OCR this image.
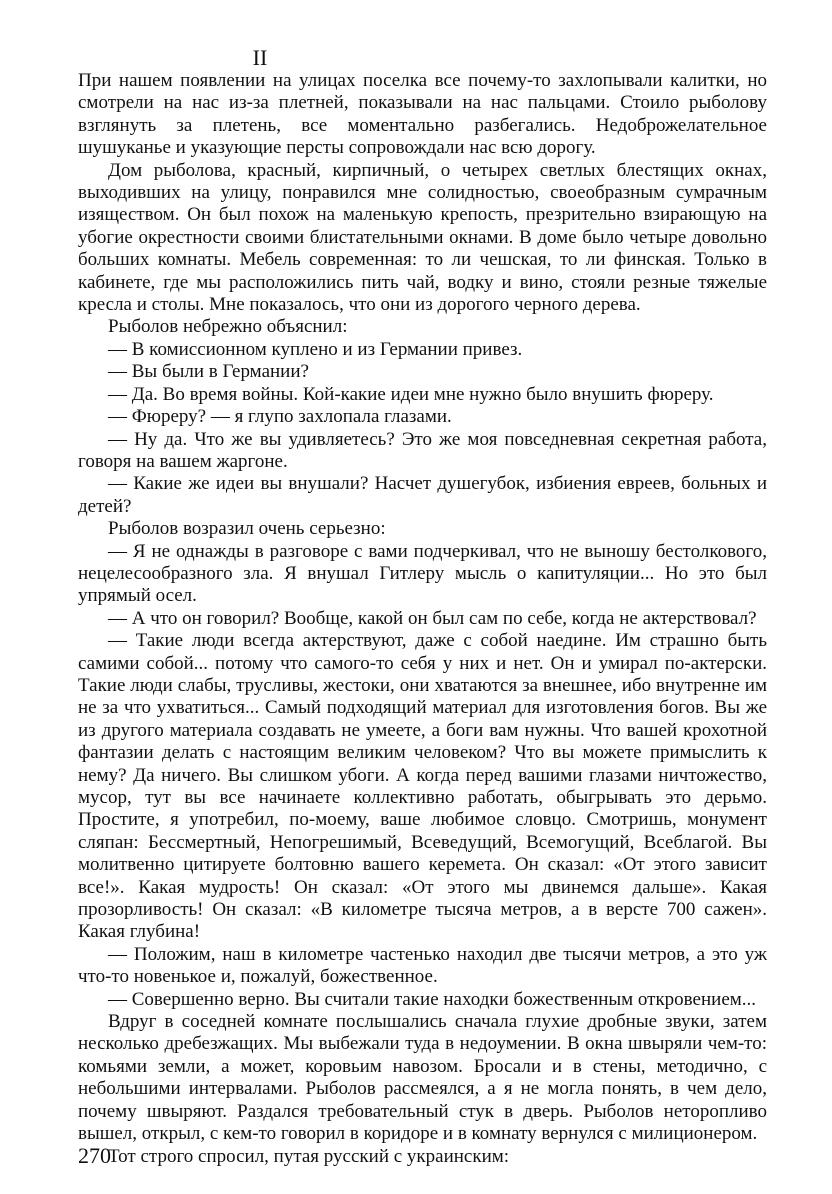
II

При нашем появлении на улицах поселка все почему-то захлопывали калитки, но смотрели на нас из-за плетней, показывали на нас пальцами. Стоило рыболову взглянуть за плетень, все моментально разбегались. Недоброжелательное шушуканье и указующие персты сопровождали нас всю дорогу.

Дом рыболова, красный, кирпичный, о четырех светлых блестящих окнах, выходивших на улицу, понравился мне солидностью, своеобразным сумрачным изяществом. Он был похож на маленькую крепость, презрительно взирающую на убогие окрестности своими блистательными окнами. В доме было четыре довольно больших комнаты. Мебель современная: то ли чешская, то ли финская. Только в кабинете, где мы расположились пить чай, водку и вино, стояли резные тяжелые кресла и столы. Мне показалось, что они из дорогого черного дерева.

Рыболов небрежно объяснил:

— В комиссионном куплено и из Германии привез.

— Вы были в Германии?

— Да. Во время войны. Кой-какие идеи мне нужно было внушить фюреру.

— Фюреру? — я глупо захлопала глазами.

— Ну да. Что же вы удивляетесь? Это же моя повседневная секретная работа, говоря на вашем жаргоне.

— Какие же идеи вы внушали? Насчет душегубок, избиения евреев, больных и детей?

Рыболов возразил очень серьезно:

— Я не однажды в разговоре с вами подчеркивал, что не выношу бестолкового, нецелесообразного зла. Я внушал Гитлеру мысль о капитуляции... Но это был упрямый осел.

— А что он говорил? Вообще, какой он был сам по себе, когда не актерствовал?

— Такие люди всегда актерствуют, даже с собой наедине. Им страшно быть самими собой... потому что самого-то себя у них и нет. Он и умирал по-актерски. Такие люди слабы, трусливы, жестоки, они хватаются за внешнее, ибо внутренне им не за что ухватиться... Самый подходящий материал для изготовления богов. Вы же из другого материала создавать не умеете, а боги вам нужны. Что вашей крохотной фантазии делать с настоящим великим человеком? Что вы можете примыслить к нему? Да ничего. Вы слишком убоги. А когда перед вашими глазами ничтожество, мусор, тут вы все начинаете коллективно работать, обыгрывать это дерьмо. Простите, я употребил, по-моему, ваше любимое словцо. Смотришь, монумент сляпан: Бессмертный, Непогрешимый, Всеведущий, Всемогущий, Всеблагой. Вы молитвенно цитируете болтовню вашего керемета. Он сказал: «От этого зависит все!». Какая мудрость! Он сказал: «От этого мы двинемся дальше». Какая прозорливость! Он сказал: «В километре тысяча метров, а в версте 700 сажен». Какая глубина!

— Положим, наш в километре частенько находил две тысячи метров, а это уж что-то новенькое и, пожалуй, божественное.

— Совершенно верно. Вы считали такие находки божественным откровением...

Вдруг в соседней комнате послышались сначала глухие дробные звуки, затем несколько дребезжащих. Мы выбежали туда в недоумении. В окна швыряли чем-то: комьями земли, а может, коровьим навозом. Бросали и в стены, методично, с небольшими интервалами. Рыболов рассмеялся, а я не могла понять, в чем дело, почему швыряют. Раздался требовательный стук в дверь. Рыболов неторопливо вышел, открыл, с кем-то говорил в коридоре и в комнату вернулся с милиционером.

Тот строго спросил, путая русский с украинским:

270
